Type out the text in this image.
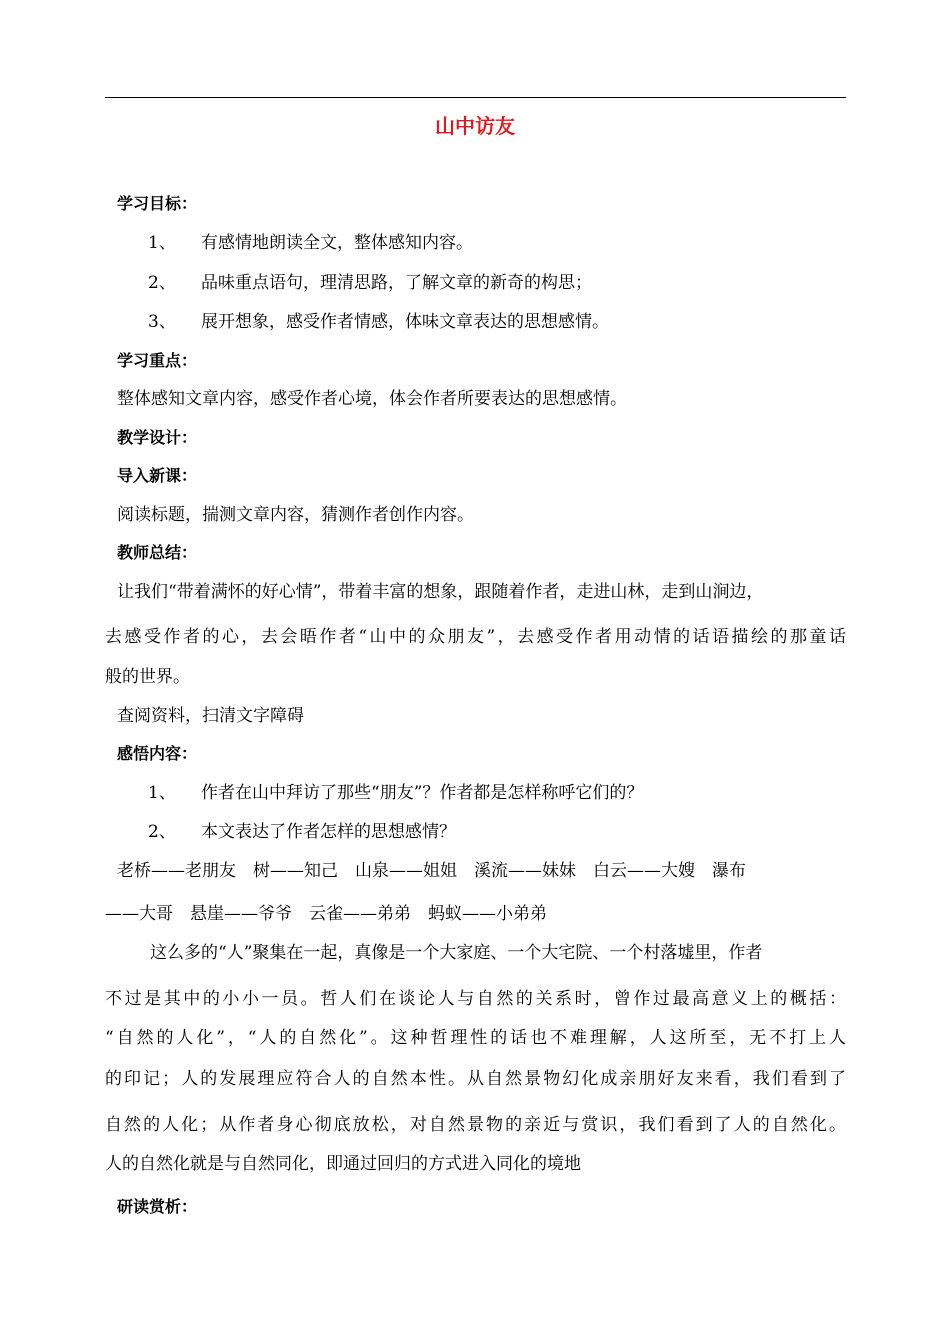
山中访友
学习目标：
1、 有感情地朗读全文，整体感知内容。
2、 品味重点语句，理清思路，了解文章的新奇的构思；
3、 展开想象，感受作者情感，体味文章表达的思想感情。
学习重点：
整体感知文章内容，感受作者心境，体会作者所要表达的思想感情。
教学设计：
导入新课：
阅读标题，揣测文章内容，猜测作者创作内容。
教师总结：
让我们“带着满怀的好心情”，带着丰富的想象，跟随着作者，走进山林，走到山涧边，
去感受作者的心，去会晤作者“山中的众朋友”，去感受作者用动情的话语描绘的那童话
般的世界。
查阅资料，扫清文字障碍
感悟内容：
1、 作者在山中拜访了那些“朋友”？作者都是怎样称呼它们的？
2、 本文表达了作者怎样的思想感情？
老桥——老朋友　树——知己　山泉——姐姐　溪流——妹妹　白云——大嫂　瀑布
——大哥　悬崖——爷爷　云雀——弟弟　蚂蚁——小弟弟
这么多的“人”聚集在一起，真像是一个大家庭、一个大宅院、一个村落墟里，作者
不过是其中的小小一员。哲人们在谈论人与自然的关系时，曾作过最高意义上的概括：
“自然的人化”，“人的自然化”。这种哲理性的话也不难理解，人这所至，无不打上人
的印记；人的发展理应符合人的自然本性。从自然景物幻化成亲朋好友来看，我们看到了
自然的人化；从作者身心彻底放松，对自然景物的亲近与赏识，我们看到了人的自然化。
人的自然化就是与自然同化，即通过回归的方式进入同化的境地
研读赏析：
